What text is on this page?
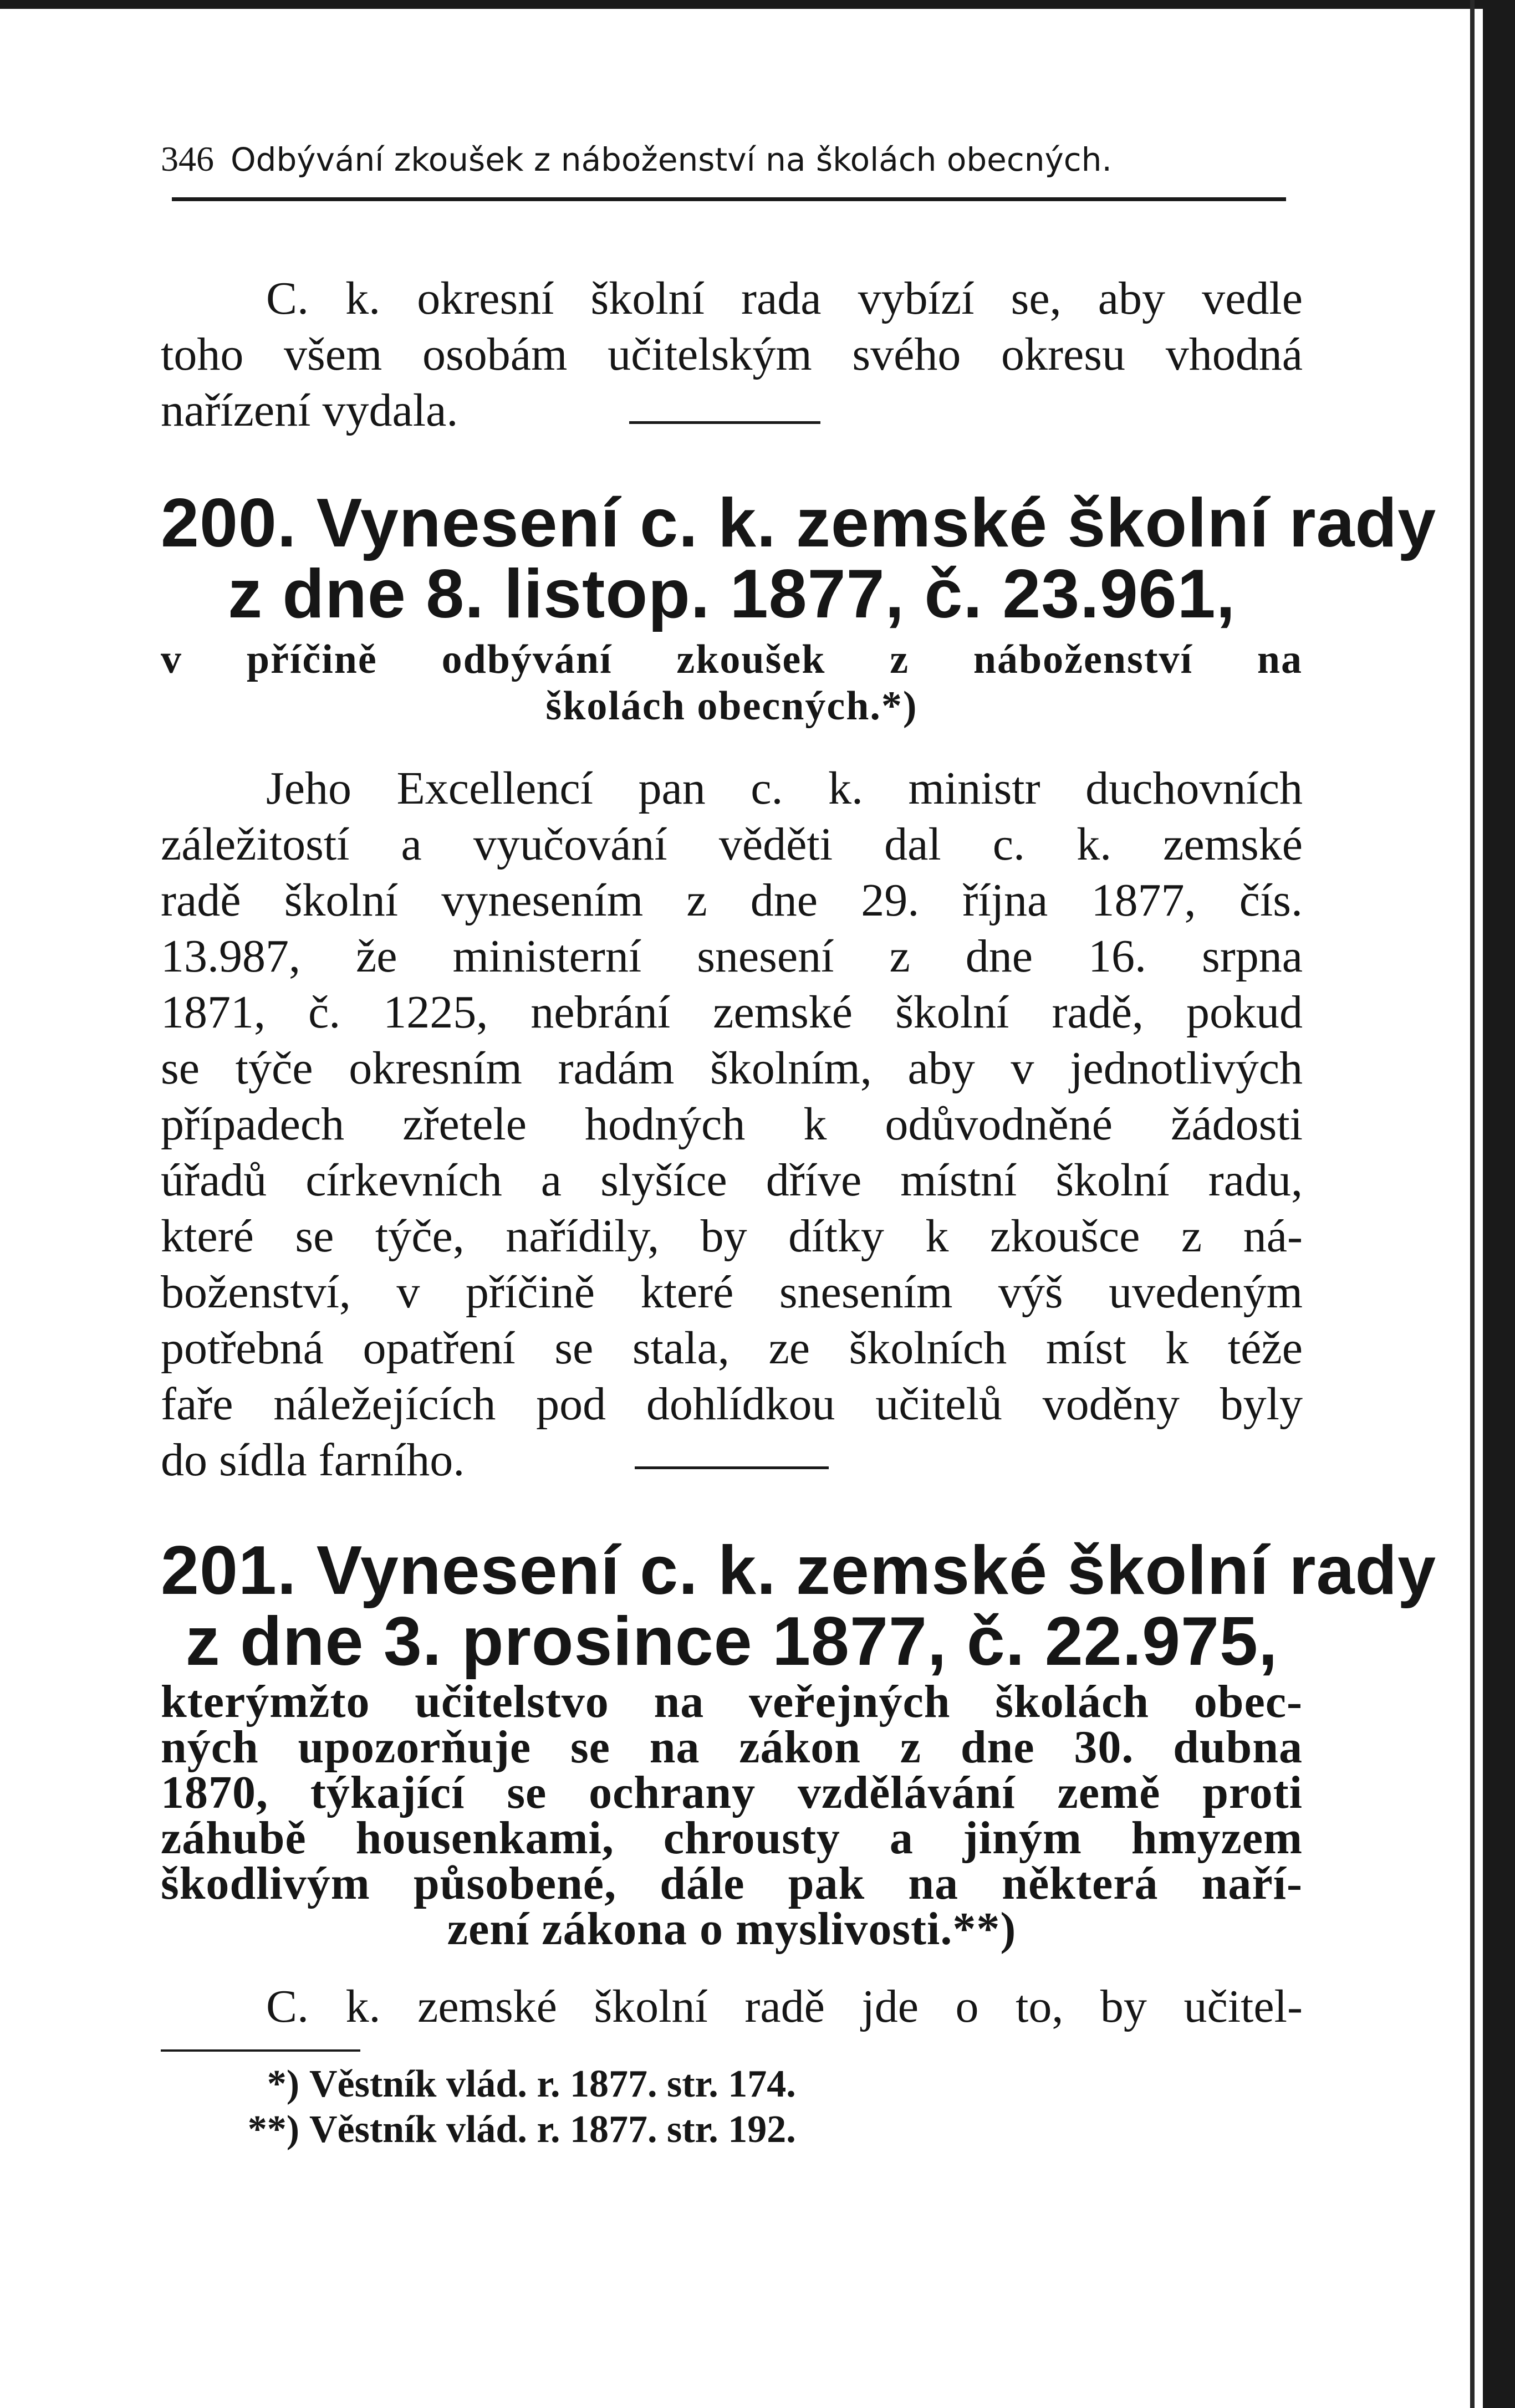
346 Odbývání zkoušek z náboženství na školách obecných.
C. k. okresní školní rada vybízí se, aby vedle
toho všem osobám učitelským svého okresu vhodná
nařízení vydala.
200. Vynesení c. k. zemské školní rady
z dne 8. listop. 1877, č. 23.961,
v příčině odbývání zkoušek z náboženství na
školách obecných.*)
Jeho Excellencí pan c. k. ministr duchovních
záležitostí a vyučování věděti dal c. k. zemské
radě školní vynesením z dne 29. října 1877, čís.
13.987, že ministerní snesení z dne 16. srpna
1871, č. 1225, nebrání zemské školní radě, pokud
se týče okresním radám školním, aby v jednotlivých
případech zřetele hodných k odůvodněné žádosti
úřadů církevních a slyšíce dříve místní školní radu,
které se týče, nařídily, by dítky k zkoušce z ná-
boženství, v příčině které snesením výš uvedeným
potřebná opatření se stala, ze školních míst k téže
faře náležejících pod dohlídkou učitelů voděny byly
do sídla farního.
201. Vynesení c. k. zemské školní rady
z dne 3. prosince 1877, č. 22.975,
kterýmžto učitelstvo na veřejných školách obec-
ných upozorňuje se na zákon z dne 30. dubna
1870, týkající se ochrany vzdělávání země proti
záhubě housenkami, chrousty a jiným hmyzem
škodlivým působené, dále pak na některá naří-
zení zákona o myslivosti.**)
C. k. zemské školní radě jde o to, by učitel-
*) Věstník vlád. r. 1877. str. 174.
**) Věstník vlád. r. 1877. str. 192.
